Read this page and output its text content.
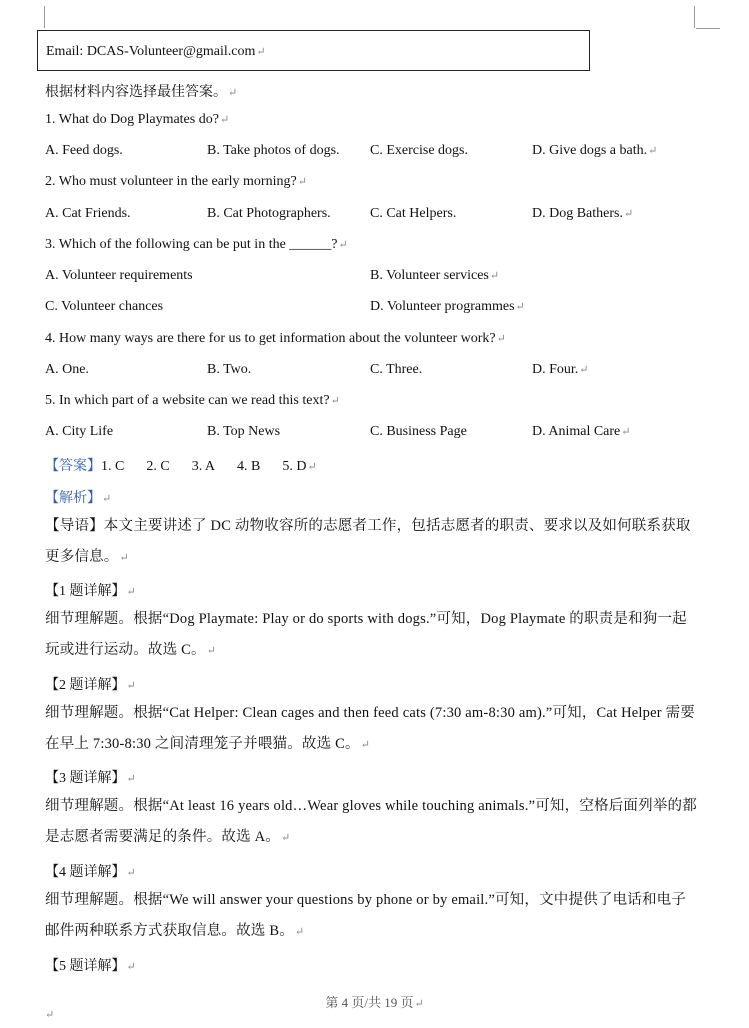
Email: DCAS-Volunteer@gmail.com↵
根据材料内容选择最佳答案。↵
1. What do Dog Playmates do?↵
A. Feed dogs.	B. Take photos of dogs. C. Exercise dogs.	D. Give dogs a bath.↵
2. Who must volunteer in the early morning?↵
A. Cat Friends.	B. Cat Photographers.	C. Cat Helpers.	D. Dog Bathers.↵
3. Which of the following can be put in the ______?↵
A. Volunteer requirements	B. Volunteer services↵
C. Volunteer chances	D. Volunteer programmes↵
4. How many ways are there for us to get information about the volunteer work?↵
A. One.	B. Two.	C. Three.	D. Four.↵
5. In which part of a website can we read this text?↵
A. City Life	B. Top News	C. Business Page	D. Animal Care↵
【答案】1. C 2. C 3. A 4. B 5. D↵
【解析】↵
【导语】本文主要讲述了 DC 动物收容所的志愿者工作，包括志愿者的职责、要求以及如何联系获取更多信息。↵
【1 题详解】↵
细节理解题。根据“Dog Playmate: Play or do sports with dogs.”可知，Dog Playmate 的职责是和狗一起玩或进行运动。故选 C。↵
【2 题详解】↵
细节理解题。根据“Cat Helper: Clean cages and then feed cats (7:30 am-8:30 am).”可知，Cat Helper 需要在早上 7:30-8:30 之间清理笼子并喂猫。故选 C。↵
【3 题详解】↵
细节理解题。根据“At least 16 years old…Wear gloves while touching animals.”可知，空格后面列举的都是志愿者需要满足的条件。故选 A。↵
【4 题详解】↵
细节理解题。根据“We will answer your questions by phone or by email.”可知，文中提供了电话和电子邮件两种联系方式获取信息。故选 B。↵
【5 题详解】↵
第 4 页/共 19 页↵
↵
